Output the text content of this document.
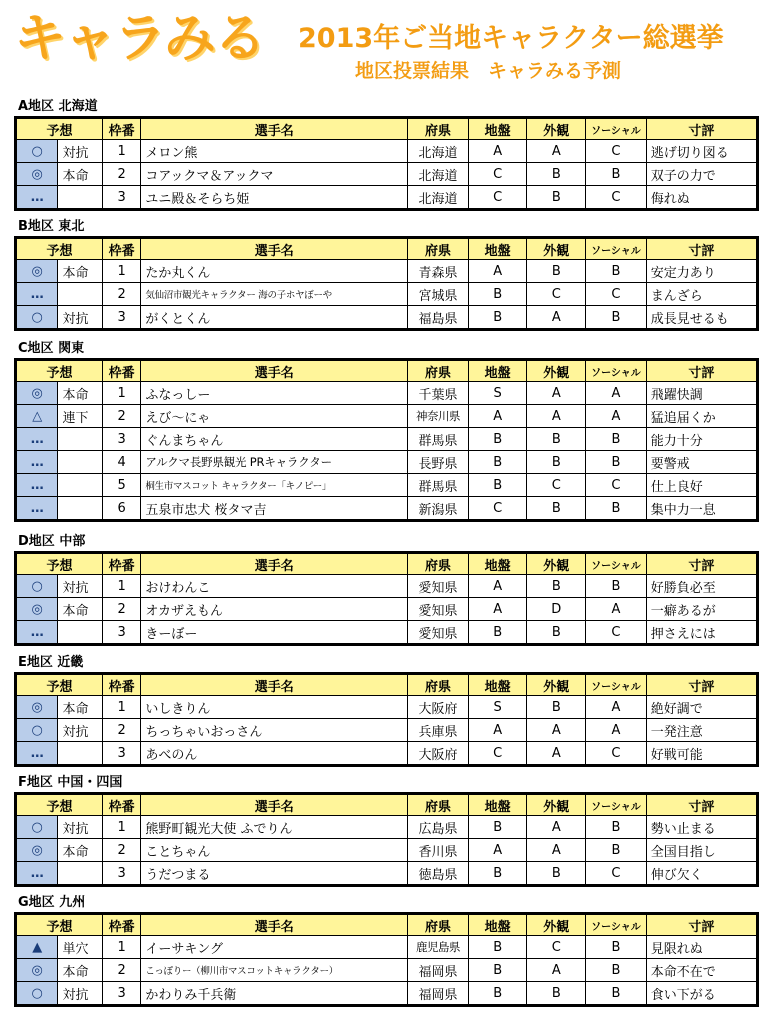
キャラみる 2013年ご当地キャラクター総選挙
地区投票結果　キャラみる予測
A地区 北海道
予想		枠番	選手名	府県	地盤	外観	ソーシャル	寸評
○	対抗	1	メロン熊	北海道	A	A	C	逃げ切り図る
◎	本命	2	コアックマ＆アックマ	北海道	C	B	B	双子の力で
…		3	ユニ殿＆そらち姫	北海道	C	B	C	侮れぬ
B地区 東北
予想		枠番	選手名	府県	地盤	外観	ソーシャル	寸評
◎	本命	1	たか丸くん	青森県	A	B	B	安定力あり
…		2	気仙沼市観光キャラクター 海の子ホヤぼーや	宮城県	B	C	C	まんざら
○	対抗	3	がくとくん	福島県	B	A	B	成長見せるも
C地区 関東
予想		枠番	選手名	府県	地盤	外観	ソーシャル	寸評
◎	本命	1	ふなっしー	千葉県	S	A	A	飛躍快調
△	連下	2	えび～にゃ	神奈川県	A	A	A	猛追届くか
…		3	ぐんまちゃん	群馬県	B	B	B	能力十分
…		4	アルクマ長野県観光 PRキャラクター	長野県	B	B	B	要警戒
…		5	桐生市マスコット キャラクター「キノピー」	群馬県	B	C	C	仕上良好
…		6	五泉市忠犬 桜タマ吉	新潟県	C	B	B	集中力一息
D地区 中部
予想		枠番	選手名	府県	地盤	外観	ソーシャル	寸評
○	対抗	1	おけわんこ	愛知県	A	B	B	好勝負必至
◎	本命	2	オカザえもん	愛知県	A	D	A	一癖あるが
…		3	きーぼー	愛知県	B	B	C	押さえには
E地区 近畿
予想		枠番	選手名	府県	地盤	外観	ソーシャル	寸評
◎	本命	1	いしきりん	大阪府	S	B	A	絶好調で
○	対抗	2	ちっちゃいおっさん	兵庫県	A	A	A	一発注意
…		3	あべのん	大阪府	C	A	C	好戦可能
F地区 中国・四国
予想		枠番	選手名	府県	地盤	外観	ソーシャル	寸評
○	対抗	1	熊野町観光大使 ふでりん	広島県	B	A	B	勢い止まる
◎	本命	2	ことちゃん	香川県	A	A	B	全国目指し
…		3	うだつまる	徳島県	B	B	C	伸び欠く
G地区 九州
予想		枠番	選手名	府県	地盤	外観	ソーシャル	寸評
▲	単穴	1	イーサキング	鹿児島県	B	C	B	見限れぬ
◎	本命	2	こっぽりー（柳川市マスコットキャラクター）	福岡県	B	A	B	本命不在で
○	対抗	3	かわりみ千兵衛	福岡県	B	B	B	食い下がる
